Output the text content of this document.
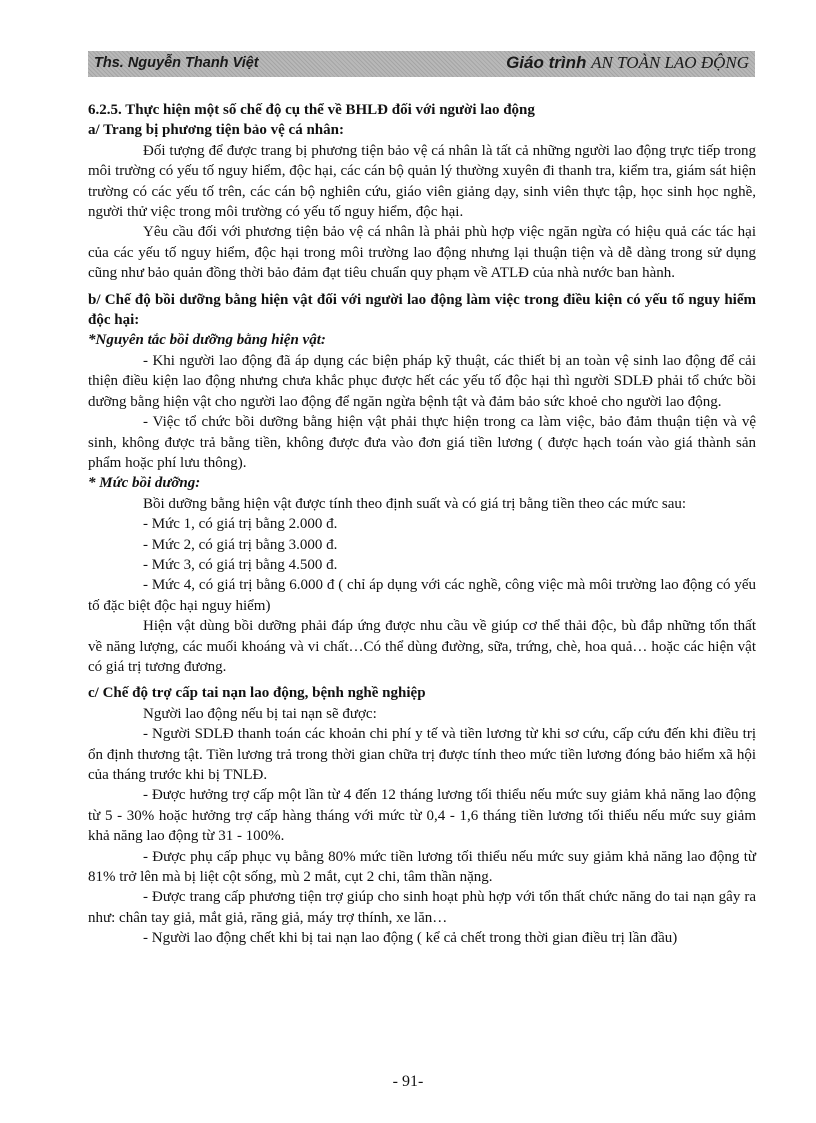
Ths. Nguyễn Thanh Việt	Giáo trình AN TOÀN LAO ĐỘNG

6.2.5. Thực hiện một số chế độ cụ thể về BHLĐ đối với người lao động

a/ Trang bị phương tiện bảo vệ cá nhân:

Đối tượng để được trang bị phương tiện bảo vệ cá nhân là tất cả những người lao động trực tiếp trong môi trường có yếu tố nguy hiểm, độc hại, các cán bộ quản lý thường xuyên đi thanh tra, kiểm tra, giám sát hiện trường có các yếu tố trên, các cán bộ nghiên cứu, giáo viên giảng dạy, sinh viên thực tập, học sinh học nghề, người thử việc trong môi trường có yếu tố nguy hiểm, độc hại.

Yêu cầu đối với phương tiện bảo vệ cá nhân là phải phù hợp việc ngăn ngừa có hiệu quả các tác hại của các yếu tố nguy hiểm, độc hại trong môi trường lao động nhưng lại thuận tiện và dễ dàng trong sử dụng cũng như bảo quản đồng thời bảo đảm đạt tiêu chuẩn quy phạm về ATLĐ của nhà nước ban hành.

b/ Chế độ bồi dưỡng bằng hiện vật đối với người lao động làm việc trong điều kiện có yếu tố nguy hiểm độc hại:

*Nguyên tắc bồi dưỡng bằng hiện vật:

- Khi người lao động đã áp dụng các biện pháp kỹ thuật, các thiết bị an toàn vệ sinh lao động để cải thiện điều kiện lao động nhưng chưa khắc phục được hết các yếu tố độc hại thì người SDLĐ phải tổ chức bồi dưỡng bằng hiện vật cho người lao động để ngăn ngừa bệnh tật và đảm bảo sức khoẻ cho người lao động.

- Việc tổ chức bồi dưỡng bằng hiện vật phải thực hiện trong ca làm việc, bảo đảm thuận tiện và vệ sinh, không được trả bằng tiền, không được đưa vào đơn giá tiền lương ( được hạch toán vào giá thành sản phẩm hoặc phí lưu thông).

* Mức bồi dưỡng:

Bồi dưỡng bằng hiện vật được tính theo định suất và có giá trị bằng tiền theo các mức sau:

- Mức 1, có giá trị bằng 2.000 đ.

- Mức 2, có giá trị bằng 3.000 đ.

- Mức 3, có giá trị bằng 4.500 đ.

- Mức 4, có giá trị bằng 6.000 đ ( chỉ áp dụng với các nghề, công việc mà môi trường lao động có yếu tố đặc biệt độc hại nguy hiểm)

Hiện vật dùng bồi dưỡng phải đáp ứng được nhu cầu về giúp cơ thể thải độc, bù đắp những tổn thất về năng lượng, các muối khoáng và vi chất…Có thể dùng đường, sữa, trứng, chè, hoa quả… hoặc các hiện vật có giá trị tương đương.

c/ Chế độ trợ cấp tai nạn lao động, bệnh nghề nghiệp

Người lao động nếu bị tai nạn sẽ được:

- Người SDLĐ thanh toán các khoản chi phí y tế và tiền lương từ khi sơ cứu, cấp cứu đến khi điều trị ổn định thương tật. Tiền lương trả trong thời gian chữa trị được tính theo mức tiền lương đóng bảo hiểm xã hội của tháng trước khi bị TNLĐ.

- Được hưởng trợ cấp một lần từ 4 đến 12 tháng lương tối thiểu nếu mức suy giảm khả năng lao động từ 5 - 30% hoặc hưởng trợ cấp hàng tháng với mức từ 0,4 - 1,6 tháng tiền lương tối thiểu nếu mức suy giảm khả năng lao động từ 31 - 100%.

- Được phụ cấp phục vụ bằng 80% mức tiền lương tối thiểu nếu mức suy giảm khả năng lao động từ 81% trở lên mà bị liệt cột sống, mù 2 mắt, cụt 2 chi, tâm thần nặng.

- Được trang cấp phương tiện trợ giúp cho sinh hoạt phù hợp với tổn thất chức năng do tai nạn gây ra như: chân tay giả, mắt giả, răng giả, máy trợ thính, xe lăn…

- Người lao động chết khi bị tai nạn lao động ( kể cả chết trong thời gian điều trị lần đầu)

- 91-
